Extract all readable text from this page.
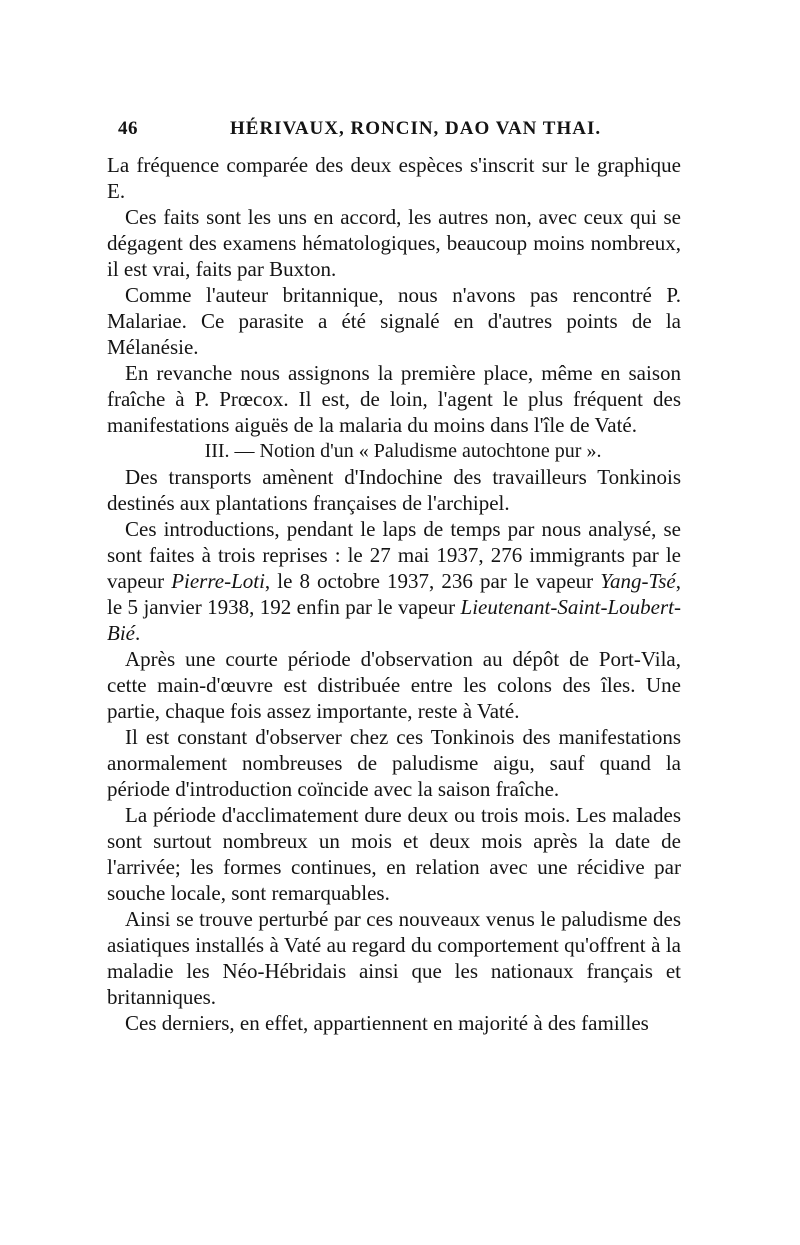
46	HÉRIVAUX, RONCIN, DAO VAN THAI.

La fréquence comparée des deux espèces s'inscrit sur le graphique E.

Ces faits sont les uns en accord, les autres non, avec ceux qui se dégagent des examens hématologiques, beaucoup moins nombreux, il est vrai, faits par Buxton.

Comme l'auteur britannique, nous n'avons pas rencontré P. Malariae. Ce parasite a été signalé en d'autres points de la Mélanésie.

En revanche nous assignons la première place, même en saison fraîche à P. Prœcox. Il est, de loin, l'agent le plus fréquent des manifestations aiguës de la malaria du moins dans l'île de Vaté.

III. — Notion d'un « Paludisme autochtone pur ».

Des transports amènent d'Indochine des travailleurs Tonkinois destinés aux plantations françaises de l'archipel.

Ces introductions, pendant le laps de temps par nous analysé, se sont faites à trois reprises : le 27 mai 1937, 276 immigrants par le vapeur Pierre-Loti, le 8 octobre 1937, 236 par le vapeur Yang-Tsé, le 5 janvier 1938, 192 enfin par le vapeur Lieutenant-Saint-Loubert-Bié.

Après une courte période d'observation au dépôt de Port-Vila, cette main-d'œuvre est distribuée entre les colons des îles. Une partie, chaque fois assez importante, reste à Vaté.

Il est constant d'observer chez ces Tonkinois des manifestations anormalement nombreuses de paludisme aigu, sauf quand la période d'introduction coïncide avec la saison fraîche.

La période d'acclimatement dure deux ou trois mois. Les malades sont surtout nombreux un mois et deux mois après la date de l'arrivée; les formes continues, en relation avec une récidive par souche locale, sont remarquables.

Ainsi se trouve perturbé par ces nouveaux venus le paludisme des asiatiques installés à Vaté au regard du comportement qu'offrent à la maladie les Néo-Hébridais ainsi que les nationaux français et britanniques.

Ces derniers, en effet, appartiennent en majorité à des familles
